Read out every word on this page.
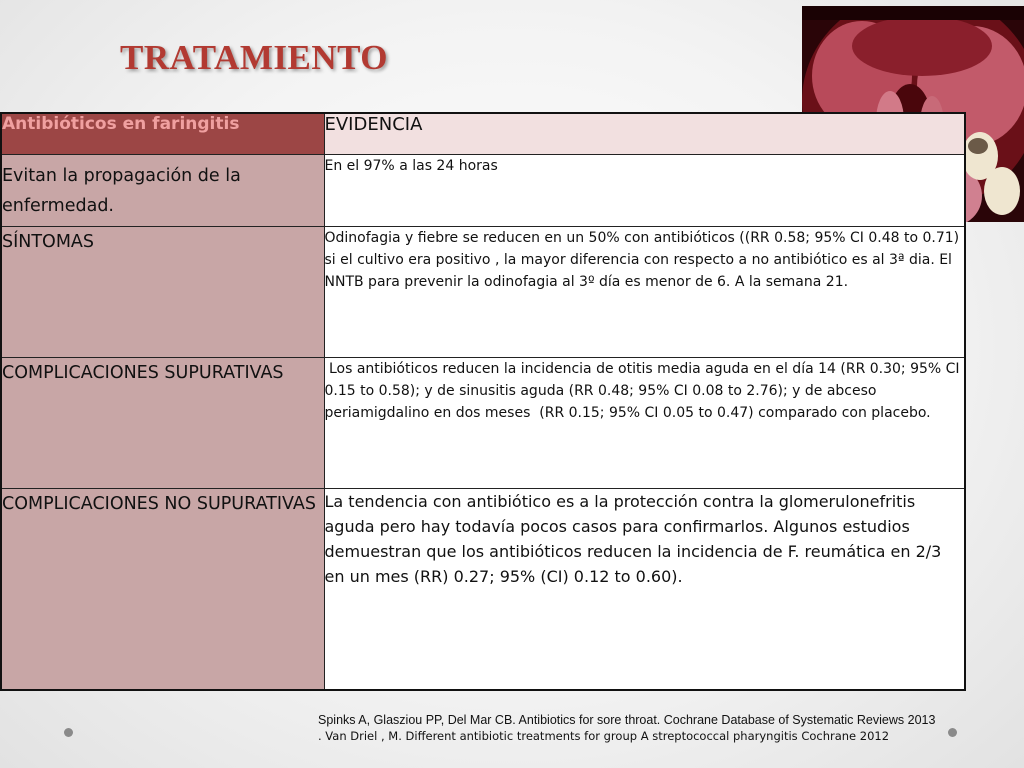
TRATAMIENTO
Antibióticos en faringitis	EVIDENCIA
Evitan la propagación de la enfermedad.	En el 97% a las 24 horas
SÍNTOMAS	Odinofagia y fiebre se reducen en un 50% con antibióticos ((RR 0.58; 95% CI 0.48 to 0.71) si el cultivo era positivo , la mayor diferencia con respecto a no antibiótico es al 3ª dia. El NNTB para prevenir la odinofagia al 3º día es menor de 6. A la semana 21.
COMPLICACIONES SUPURATIVAS	Los antibióticos reducen la incidencia de otitis media aguda en el día 14 (RR 0.30; 95% CI 0.15 to 0.58); y de sinusitis aguda (RR 0.48; 95% CI 0.08 to 2.76); y de abceso periamigdalino en dos meses  (RR 0.15; 95% CI 0.05 to 0.47) comparado con placebo.
COMPLICACIONES NO SUPURATIVAS	La tendencia con antibiótico es a la protección contra la glomerulonefritis aguda pero hay todavía pocos casos para confirmarlos. Algunos estudios demuestran que los antibióticos reducen la incidencia de F. reumática en 2/3 en un mes (RR) 0.27; 95% (CI) 0.12 to 0.60).
Spinks A, Glasziou PP, Del Mar CB. Antibiotics for sore throat. Cochrane Database of Systematic Reviews 2013
. Van Driel , M. Different antibiotic treatments for group A streptococcal pharyngitis Cochrane 2012
